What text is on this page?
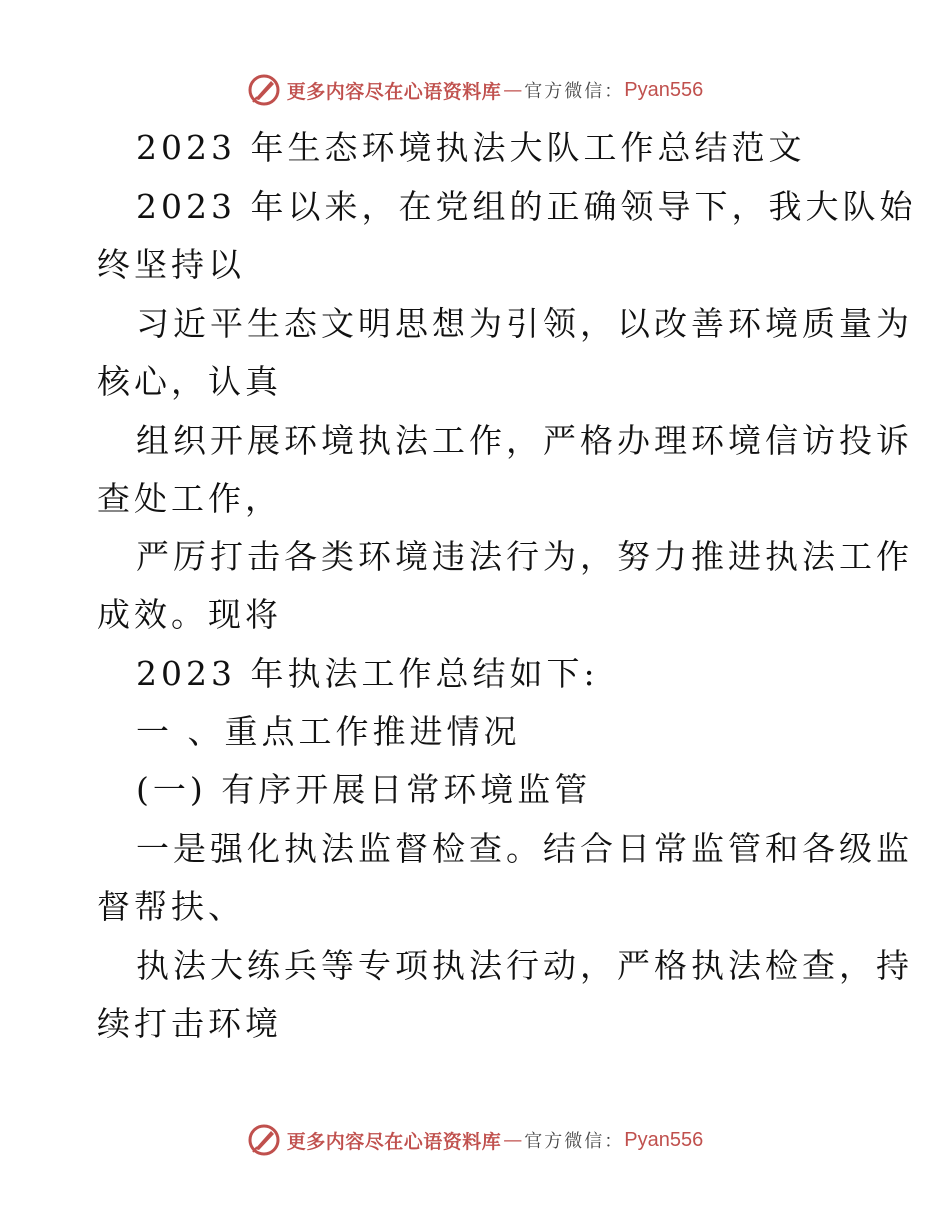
更多内容尽在心语资料库 — 官方微信： Pyan556
2023 年生态环境执法大队工作总结范文
2023 年以来，在党组的正确领导下，我大队始
终坚持以
习近平生态文明思想为引领，以改善环境质量为
核心，认真
组织开展环境执法工作，严格办理环境信访投诉
查处工作，
严厉打击各类环境违法行为，努力推进执法工作
成效。现将
2023 年执法工作总结如下:
一 、重点工作推进情况
(一) 有序开展日常环境监管
一是强化执法监督检查。结合日常监管和各级监
督帮扶、
执法大练兵等专项执法行动，严格执法检查，持
续打击环境
更多内容尽在心语资料库 — 官方微信： Pyan556
